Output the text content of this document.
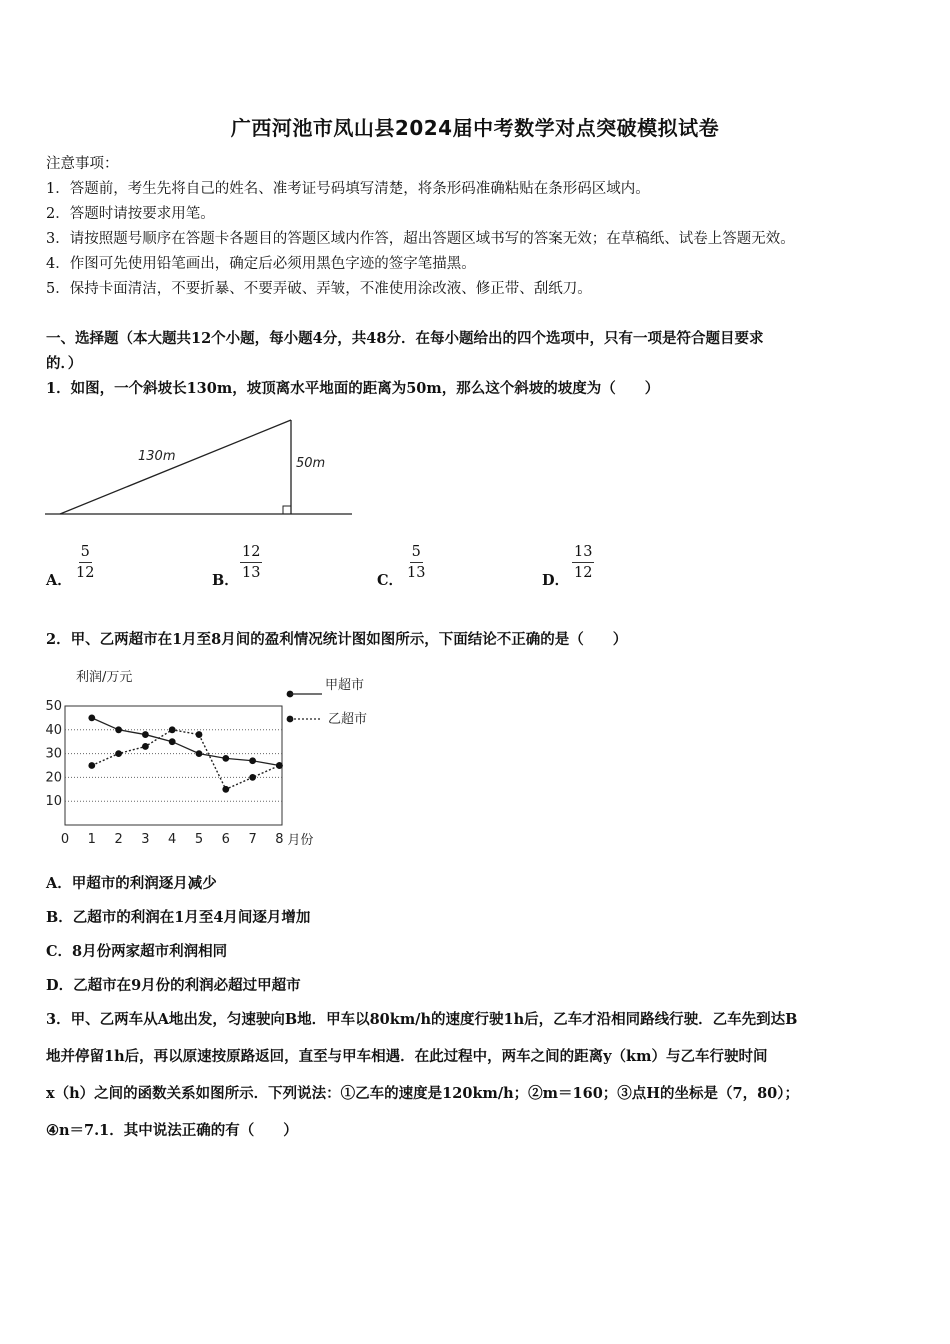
广西河池市凤山县2024届中考数学对点突破模拟试卷
注意事项：
1．答题前，考生先将自己的姓名、准考证号码填写清楚，将条形码准确粘贴在条形码区域内。
2．答题时请按要求用笔。
3．请按照题号顺序在答题卡各题目的答题区域内作答，超出答题区域书写的答案无效；在草稿纸、试卷上答题无效。
4．作图可先使用铅笔画出，确定后必须用黑色字迹的签字笔描黑。
5．保持卡面清洁，不要折暴、不要弄破、弄皱，不准使用涂改液、修正带、刮纸刀。
一、选择题（本大题共12个小题，每小题4分，共48分．在每小题给出的四个选项中，只有一项是符合题目要求
的．）
1．如图，一个斜坡长130m，坡顶离水平地面的距离为50m，那么这个斜坡的坡度为（　　）
130m	50m
A． $\frac{5}{12}$	B． $\frac{12}{13}$	C． $\frac{5}{13}$	D． $\frac{13}{12}$
2．甲、乙两超市在1月至8月间的盈利情况统计图如图所示，下面结论不正确的是（　　）
10
20
30
40
50
0 1 2 3 4 5 6 7 8 月份
利润/万元
甲超市
乙超市
A．甲超市的利润逐月减少
B．乙超市的利润在1月至4月间逐月增加
C．8月份两家超市利润相同
D．乙超市在9月份的利润必超过甲超市
3．甲、乙两车从A地出发，匀速驶向B地．甲车以80km/h的速度行驶1h后，乙车才沿相同路线行驶．乙车先到达B
地并停留1h后，再以原速按原路返回，直至与甲车相遇．在此过程中，两车之间的距离y（km）与乙车行驶时间
x（h）之间的函数关系如图所示．下列说法：①乙车的速度是120km/h；②m＝160；③点H的坐标是（7，80）；
④n＝7.1．其中说法正确的有（　　）
